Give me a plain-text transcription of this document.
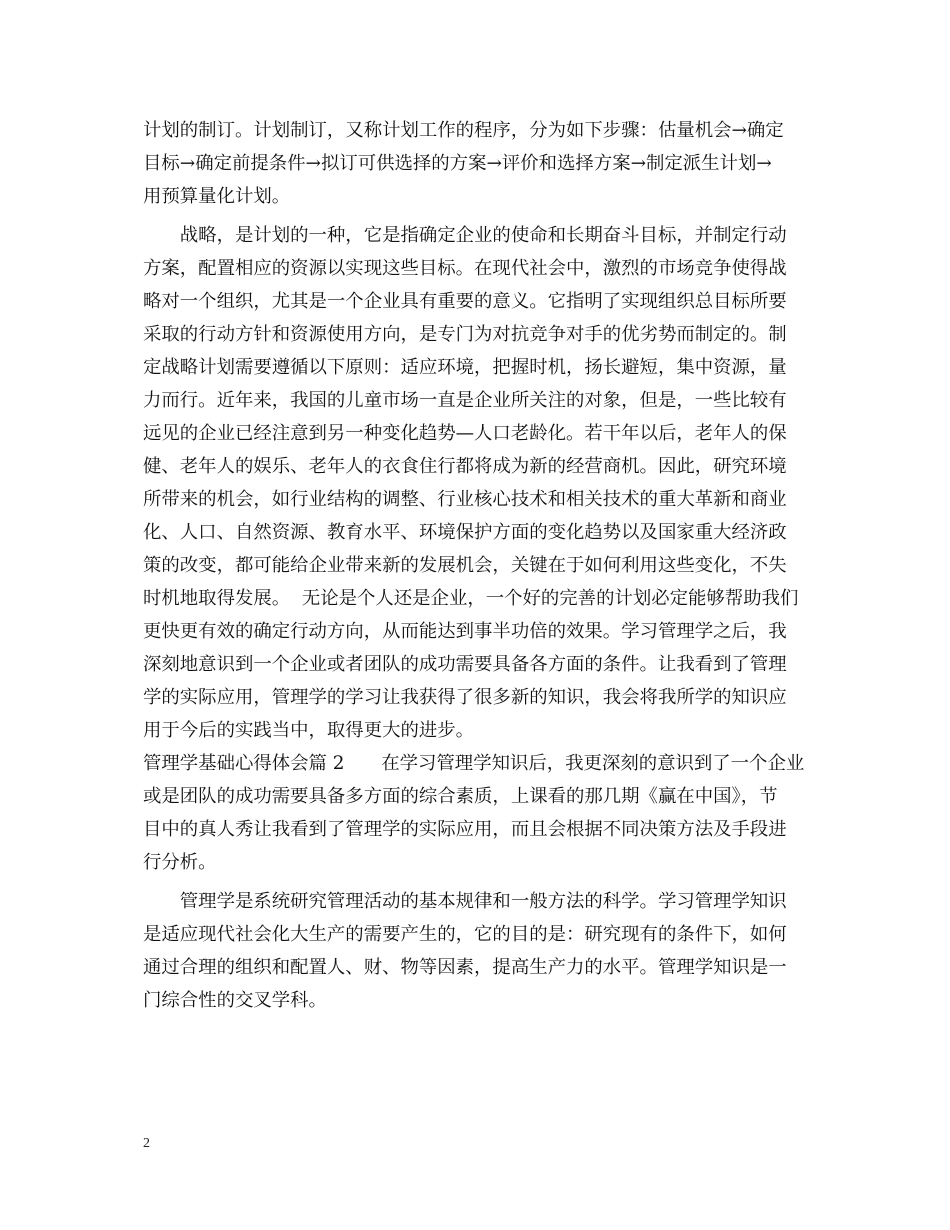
计划的制订。计划制订，又称计划工作的程序，分为如下步骤：估量机会→确定
目标→确定前提条件→拟订可供选择的方案→评价和选择方案→制定派生计划→
用预算量化计划。
　　战略，是计划的一种，它是指确定企业的使命和长期奋斗目标，并制定行动
方案，配置相应的资源以实现这些目标。在现代社会中，激烈的市场竞争使得战
略对一个组织，尤其是一个企业具有重要的意义。它指明了实现组织总目标所要
采取的行动方针和资源使用方向，是专门为对抗竞争对手的优劣势而制定的。制
定战略计划需要遵循以下原则：适应环境，把握时机，扬长避短，集中资源，量
力而行。近年来，我国的儿童市场一直是企业所关注的对象，但是，一些比较有
远见的企业已经注意到另一种变化趋势—人口老龄化。若干年以后，老年人的保
健、老年人的娱乐、老年人的衣食住行都将成为新的经营商机。因此，研究环境
所带来的机会，如行业结构的调整、行业核心技术和相关技术的重大革新和商业
化、人口、自然资源、教育水平、环境保护方面的变化趋势以及国家重大经济政
策的改变，都可能给企业带来新的发展机会，关键在于如何利用这些变化，不失
时机地取得发展。  无论是个人还是企业，一个好的完善的计划必定能够帮助我们
更快更有效的确定行动方向，从而能达到事半功倍的效果。学习管理学之后，我
深刻地意识到一个企业或者团队的成功需要具备各方面的条件。让我看到了管理
学的实际应用，管理学的学习让我获得了很多新的知识，我会将我所学的知识应
用于今后的实践当中，取得更大的进步。
管理学基础心得体会篇 2　　在学习管理学知识后，我更深刻的意识到了一个企业
或是团队的成功需要具备多方面的综合素质，上课看的那几期《赢在中国》，节
目中的真人秀让我看到了管理学的实际应用，而且会根据不同决策方法及手段进
行分析。
　　管理学是系统研究管理活动的基本规律和一般方法的科学。学习管理学知识
是适应现代社会化大生产的需要产生的，它的目的是：研究现有的条件下，如何
通过合理的组织和配置人、财、物等因素，提高生产力的水平。管理学知识是一
门综合性的交叉学科。
2
